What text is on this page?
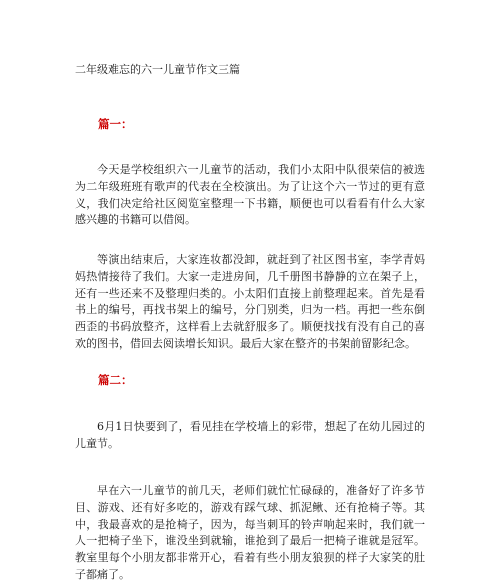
二年级难忘的六一儿童节作文三篇
篇一：

今天是学校组织六一儿童节的活动，我们小太阳中队很荣信的被选为二年级班班有歌声的代表在全校演出。为了让这个六一节过的更有意义，我们决定给社区阅览室整理一下书籍，顺便也可以看看有什么大家感兴趣的书籍可以借阅。

等演出结束后，大家连妆都没卸，就赶到了社区图书室，李学青妈妈热情接待了我们。大家一走进房间，几千册图书静静的立在架子上，还有一些还来不及整理归类的。小太阳们直接上前整理起来。首先是看书上的编号，再找书架上的编号，分门别类，归为一档。再把一些东倒西歪的书码放整齐，这样看上去就舒服多了。顺便找找有没有自己的喜欢的图书，借回去阅读增长知识。最后大家在整齐的书架前留影纪念。

篇二：

6月1日快要到了，看见挂在学校墙上的彩带，想起了在幼儿园过的儿童节。

早在六一儿童节的前几天，老师们就忙忙碌碌的，准备好了许多节目、游戏、还有好多吃的，游戏有踩气球、抓泥鳅、还有抢椅子等。其中，我最喜欢的是抢椅子，因为，每当刺耳的铃声响起来时，我们就一人一把椅子坐下，谁没坐到就输，谁抢到了最后一把椅子谁就是冠军。教室里每个小朋友都非常开心，看着有些小朋友狼狈的样子大家笑的肚子都痛了。
